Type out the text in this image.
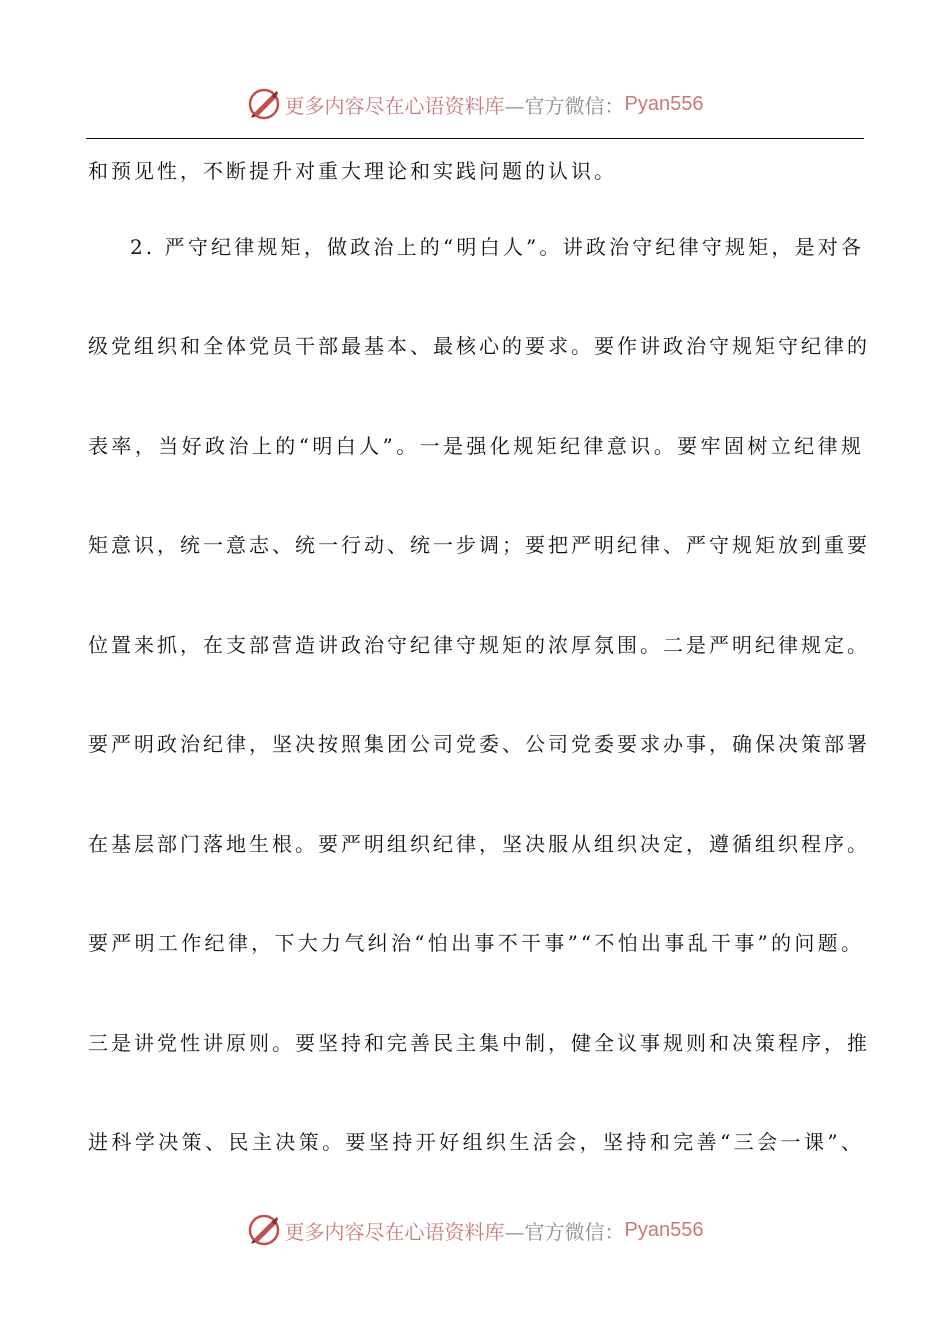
更多内容尽在心语资料库 —官方微信： Pyan556
和预见性，不断提升对重大理论和实践问题的认识。
2. 严守纪律规矩，做政治上的“明白人”。讲政治守纪律守规矩，是对各
级党组织和全体党员干部最基本、最核心的要求。要作讲政治守规矩守纪律的
表率，当好政治上的“明白人”。一是强化规矩纪律意识。要牢固树立纪律规
矩意识，统一意志、统一行动、统一步调；要把严明纪律、严守规矩放到重要
位置来抓，在支部营造讲政治守纪律守规矩的浓厚氛围。二是严明纪律规定。
要严明政治纪律，坚决按照集团公司党委、公司党委要求办事，确保决策部署
在基层部门落地生根。要严明组织纪律，坚决服从组织决定，遵循组织程序。
要严明工作纪律，下大力气纠治“怕出事不干事”“不怕出事乱干事”的问题。
三是讲党性讲原则。要坚持和完善民主集中制，健全议事规则和决策程序，推
进科学决策、民主决策。要坚持开好组织生活会，坚持和完善“三会一课”、
更多内容尽在心语资料库 —官方微信： Pyan556
